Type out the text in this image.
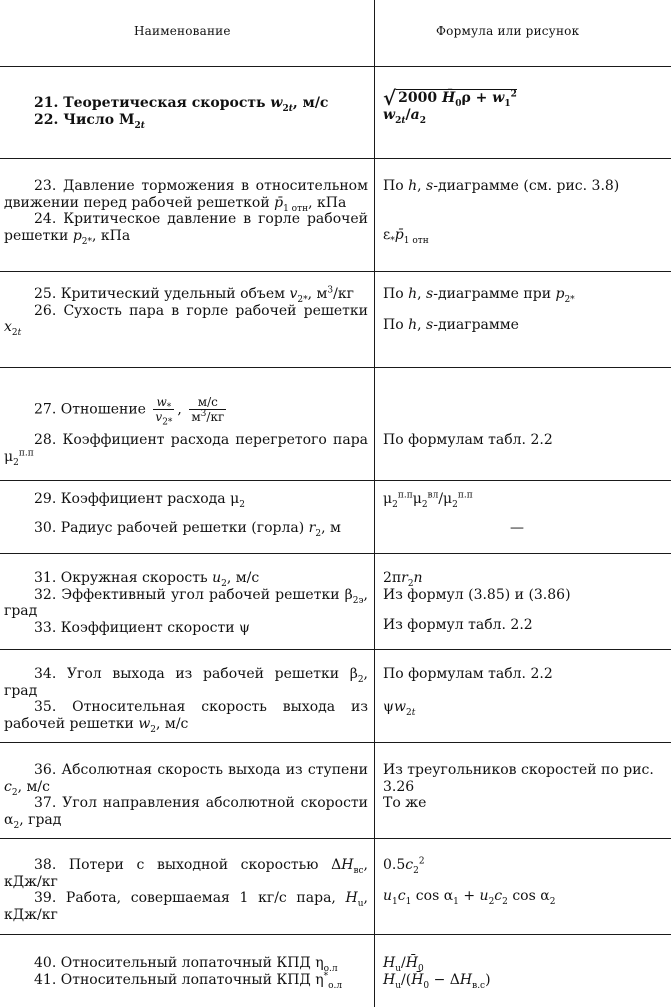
Наименование	Формула или рисунок

21. Теоретическая скорость $w_{2t}$, м/с

22. Число $М_{2t}$

√ 2000 $H̄_0\rho + w_1^2$
$w_{2t}/a_2$

23. Давление торможения в относительном движении перед рабочей решеткой $p̄_{1 отн}$, кПа

24. Критическое давление в горле рабочей решетки $p_{2*}$, кПа

По h, s-диаграмме (см. рис. 3.8)
$\varepsilon_*p̄_{1 отн}$

25. Критический удельный объем $v_{2*}$, $м^3/кг$

26. Сухость пара в горле рабочей решетки $x_{2t}$

По h, s-диаграмме при $p_{2*}$
По h, s-диаграмме

27. Отношение $\frac{w_*}{v_{2*}}$ , $\frac{м/с}{м^3/кг}$

28. Коэффициент расхода перегретого пара $\mu_2^{п.п}$

По формулам табл. 2.2

29. Коэффициент расхода $\mu_2$

30. Радиус рабочей решетки (горла) $r_2$, м

$\mu_2^{п.п}\mu_2^{вл}/\mu_2^{п.п}$
—

31. Окружная скорость $u_2$, м/с

32. Эффективный угол рабочей решетки $\beta_{2э}$, град

33. Коэффициент скорости ψ

$2\pi r_2n$
Из формул (3.85) и (3.86)
Из формул табл. 2.2

34. Угол выхода из рабочей решетки $\beta_2$, град

35. Относительная скорость выхода из рабочей решетки $w_2$, м/с

По формулам табл. 2.2
$\psi w_{2t}$

36. Абсолютная скорость выхода из ступени $c_2$, м/с

37. Угол направления абсолютной скорости $\alpha_2$, град

Из треугольников скоростей по рис. 3.26
То же

38. Потери с выходной скоростью $\Delta H_{вс}$, кДж/кг

39. Работа, совершаемая 1 кг/с пара, $H_u$, кДж/кг

$0.5c_2^2$
$u_1c_1$ $\cos \alpha_1 + u_2c_2$ $\cos \alpha_2$

40. Относительный лопаточный КПД $\eta_{о.л}$

41. Относительный лопаточный КПД $\eta^*_{о.л}$

$H_u/H̄_0$
$H_u/(H̄_0 - \Delta H_{в.с})$
